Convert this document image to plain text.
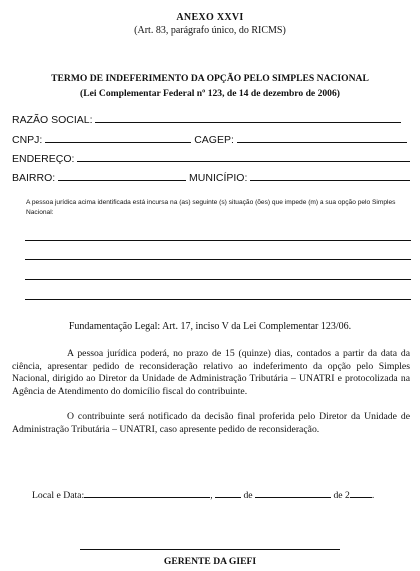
ANEXO XXVI
(Art. 83, parágrafo único, do RICMS)
TERMO DE INDEFERIMENTO DA OPÇÃO PELO SIMPLES NACIONAL
(Lei Complementar Federal nº 123, de 14 de dezembro de 2006)
RAZÃO SOCIAL:
CNPJ:	CAGEP:
ENDEREÇO:
BAIRRO:	MUNICÍPIO:
A pessoa jurídica acima identificada está incursa na (as) seguinte (s) situação (ões) que impede (m) a sua opção pelo Simples Nacional:
Fundamentação Legal: Art. 17, inciso V da Lei Complementar 123/06.

A pessoa jurídica poderá, no prazo de 15 (quinze) dias, contados a partir da data da ciência, apresentar pedido de reconsideração relativo ao indeferimento da opção pelo Simples Nacional, dirigido ao Diretor da Unidade de Administração Tributária – UNATRI e protocolizada na Agência de Atendimento do domicílio fiscal do contribuinte.

O contribuinte será notificado da decisão final proferida pelo Diretor da Unidade de Administração Tributária – UNATRI, caso apresente pedido de reconsideração.

Local e Data:	,	de	de 2 .
GERENTE DA GIEFI
